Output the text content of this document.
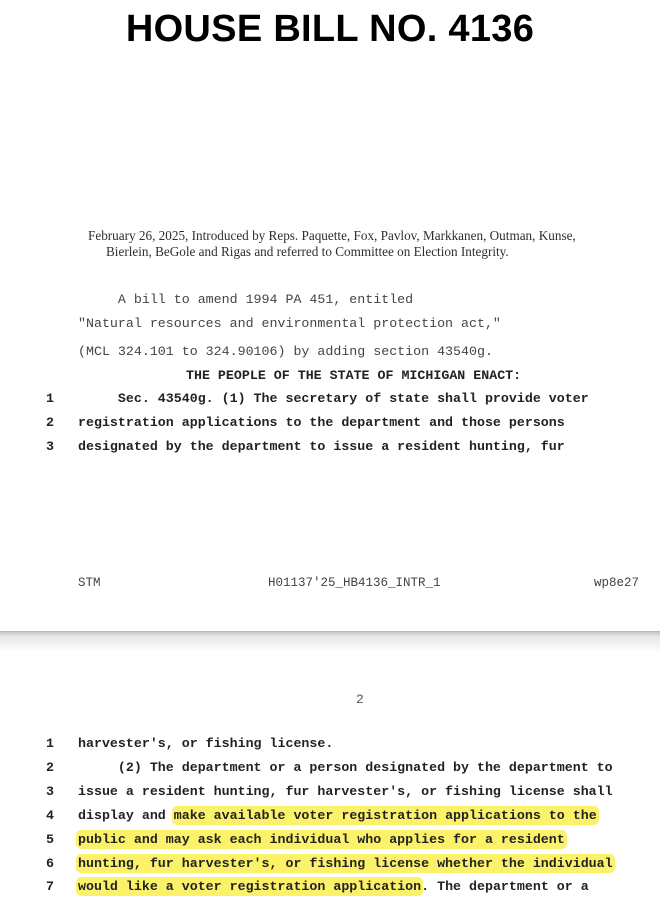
HOUSE BILL NO. 4136
February 26, 2025, Introduced by Reps. Paquette, Fox, Pavlov, Markkanen, Outman, Kunse,
Bierlein, BeGole and Rigas and referred to Committee on Election Integrity.
A bill to amend 1994 PA 451, entitled
"Natural resources and environmental protection act,"
(MCL 324.101 to 324.90106) by adding section 43540g.
THE PEOPLE OF THE STATE OF MICHIGAN ENACT:
1 Sec. 43540g. (1) The secretary of state shall provide voter
2 registration applications to the department and those persons
3 designated by the department to issue a resident hunting, fur
STM	H01137'25_HB4136_INTR_1	wp8e27
2
1 harvester's, or fishing license.
2 (2) The department or a person designated by the department to
3 issue a resident hunting, fur harvester's, or fishing license shall
4 display and make available voter registration applications to the
5 public and may ask each individual who applies for a resident
6 hunting, fur harvester's, or fishing license whether the individual
7 would like a voter registration application. The department or a
